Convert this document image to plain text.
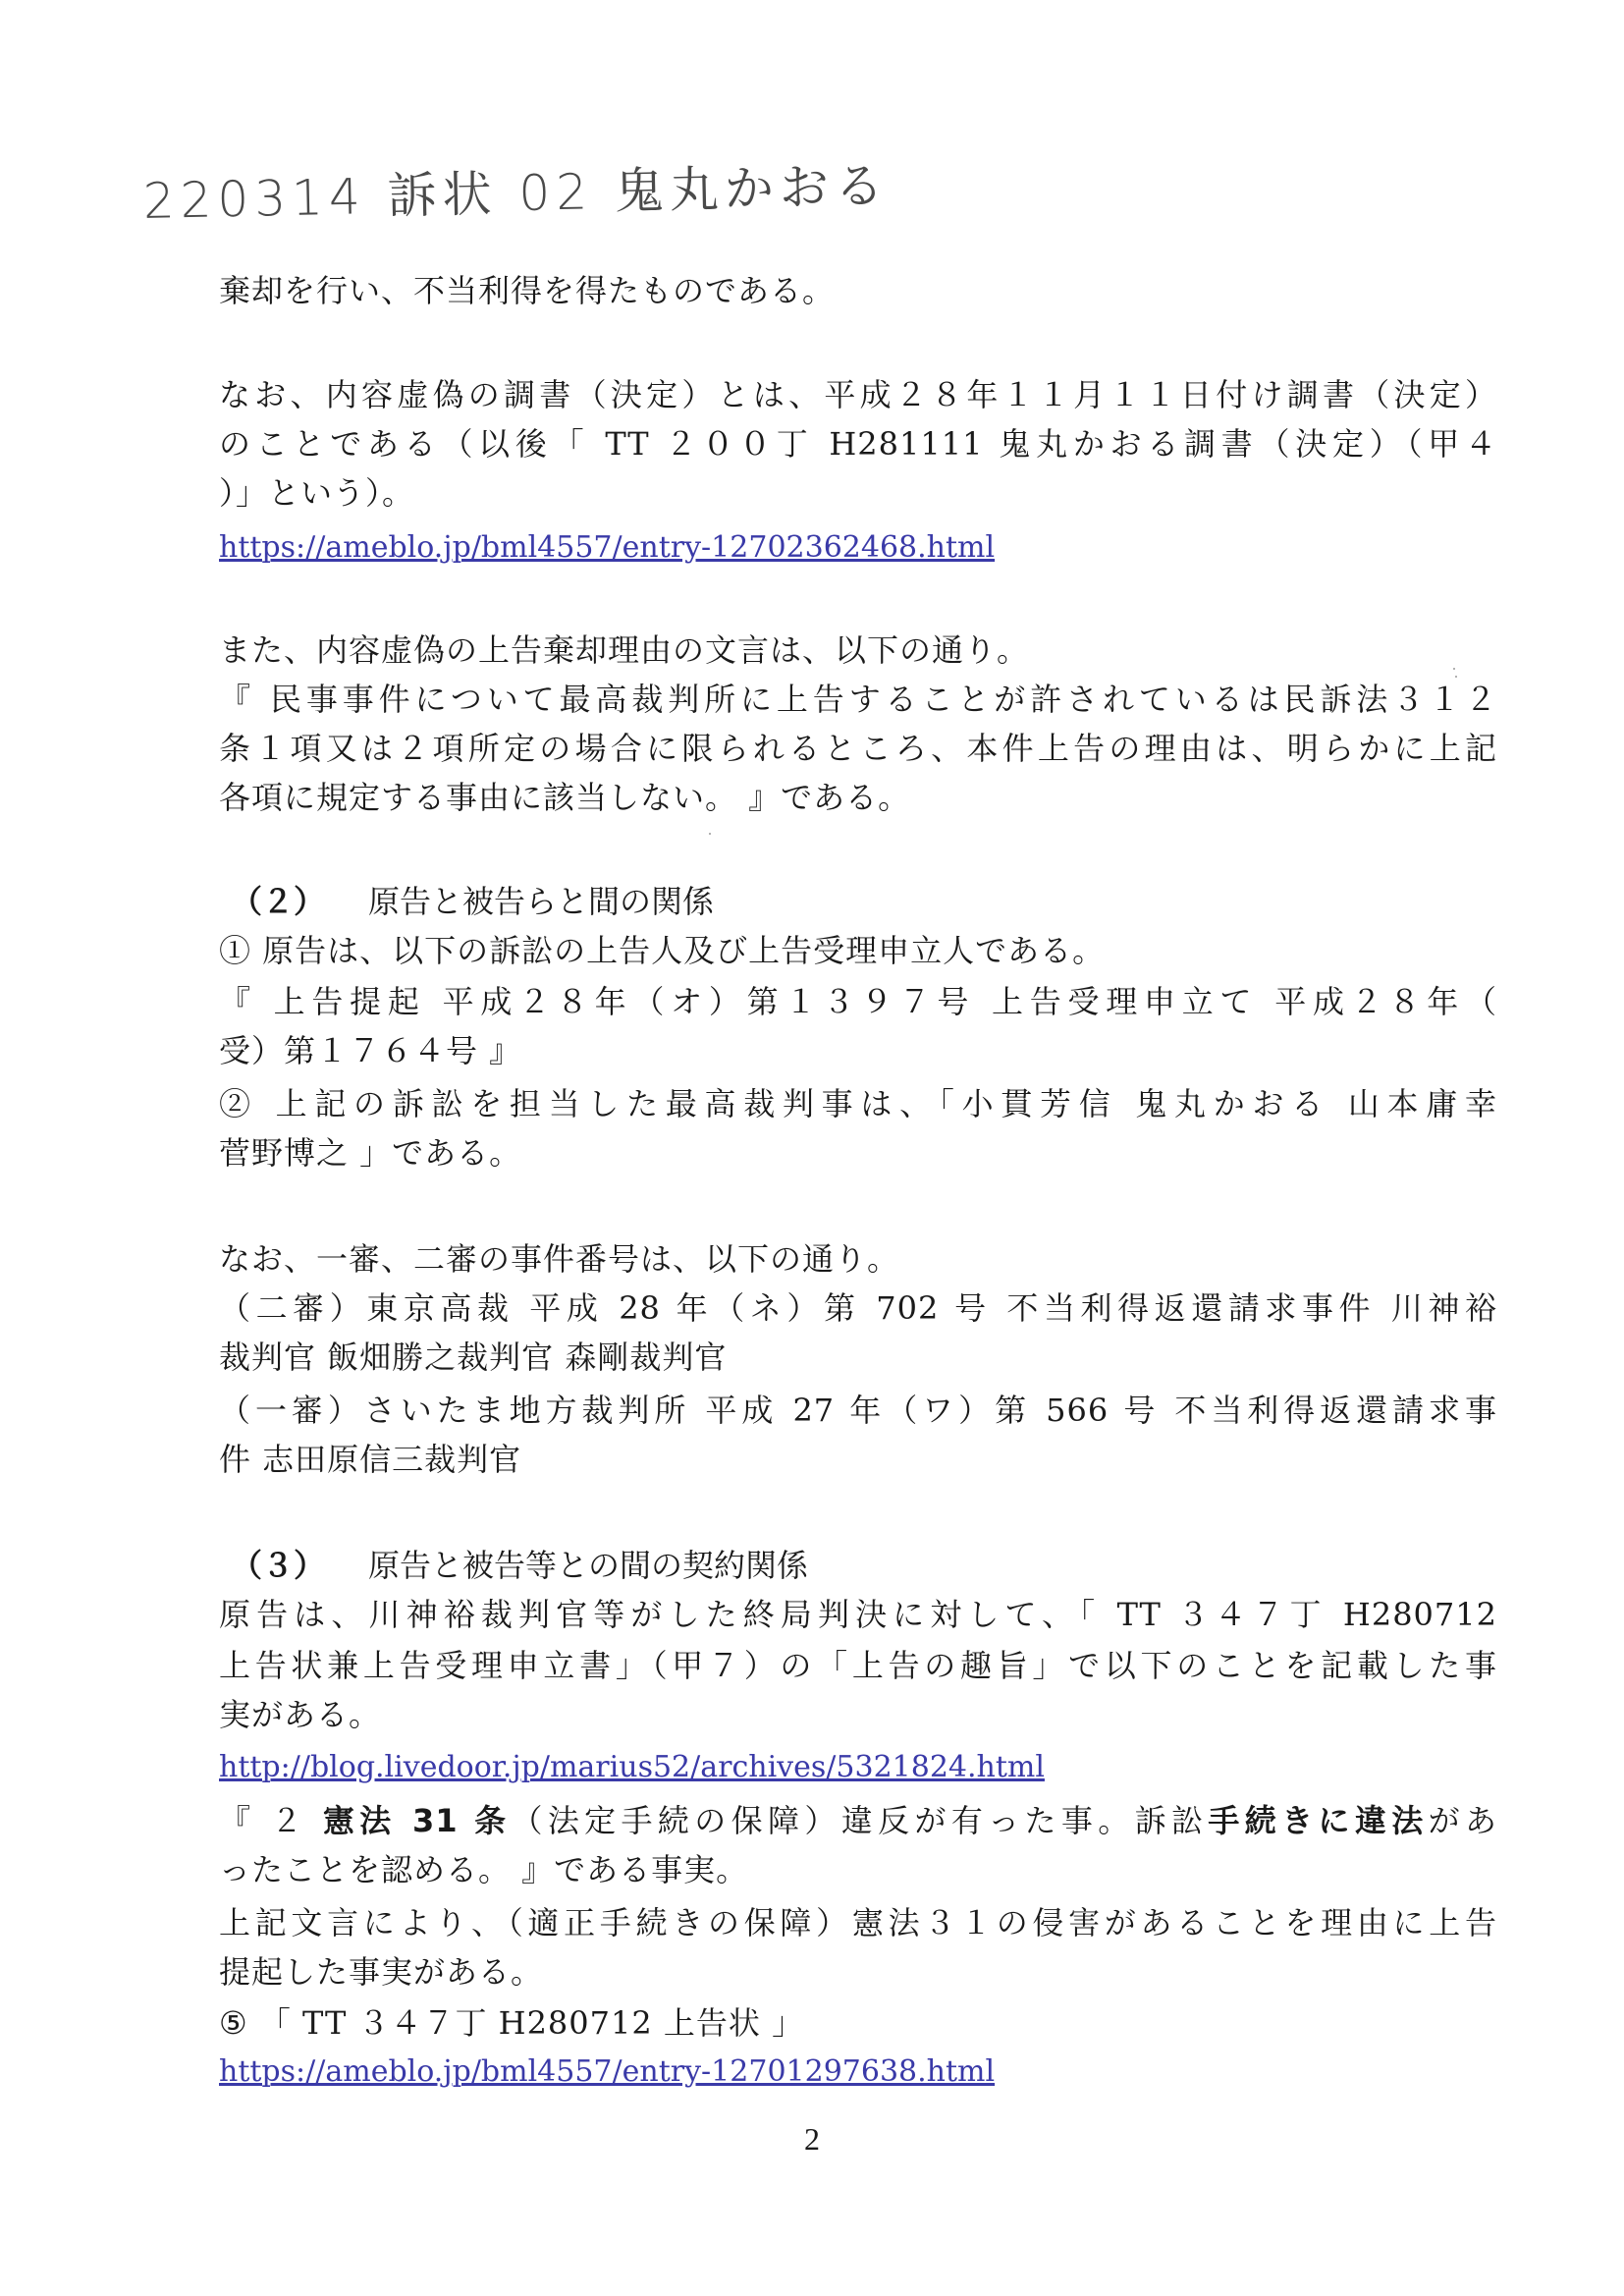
220314 訴状 02 鬼丸かおる
棄却を行い、不当利得を得たものである。
なお、内容虚偽の調書（決定）とは、平成２８年１１月１１日付け調書（決定）
のことである（以後「 TT ２００丁 H281111 鬼丸かおる調書（決定）（甲４
）」という）。
https://ameblo.jp/bml4557/entry-12702362468.html
また、内容虚偽の上告棄却理由の文言は、以下の通り。
『 民事事件について最高裁判所に上告することが許されているは民訴法３１２
条１項又は２項所定の場合に限られるところ、本件上告の理由は、明らかに上記
各項に規定する事由に該当しない。 』である。
（２） 原告と被告らと間の関係
① 原告は、以下の訴訟の上告人及び上告受理申立人である。
『 上告提起 平成２８年（オ）第１３９７号 上告受理申立て 平成２８年（
受）第１７６４号 』
② 上記の訴訟を担当した最高裁判事は、「小貫芳信 鬼丸かおる 山本庸幸
菅野博之 」である。
なお、一審、二審の事件番号は、以下の通り。
（二審）東京高裁 平成 28 年（ネ）第 702 号 不当利得返還請求事件 川神裕
裁判官 飯畑勝之裁判官 森剛裁判官
（一審）さいたま地方裁判所 平成 27 年（ワ）第 566 号 不当利得返還請求事
件 志田原信三裁判官
（３） 原告と被告等との間の契約関係
原告は、川神裕裁判官等がした終局判決に対して、「 TT ３４７丁 H280712
上告状兼上告受理申立書」（甲７）の「上告の趣旨」で以下のことを記載した事
実がある。
http://blog.livedoor.jp/marius52/archives/5321824.html
『 ２ 憲法 31 条（法定手続の保障）違反が有った事。訴訟手続きに違法があ
ったことを認める。 』である事実。
上記文言により、（適正手続きの保障）憲法３１の侵害があることを理由に上告
提起した事実がある。
⑤ 「 TT ３４７丁 H280712 上告状 」
https://ameblo.jp/bml4557/entry-12701297638.html
2
